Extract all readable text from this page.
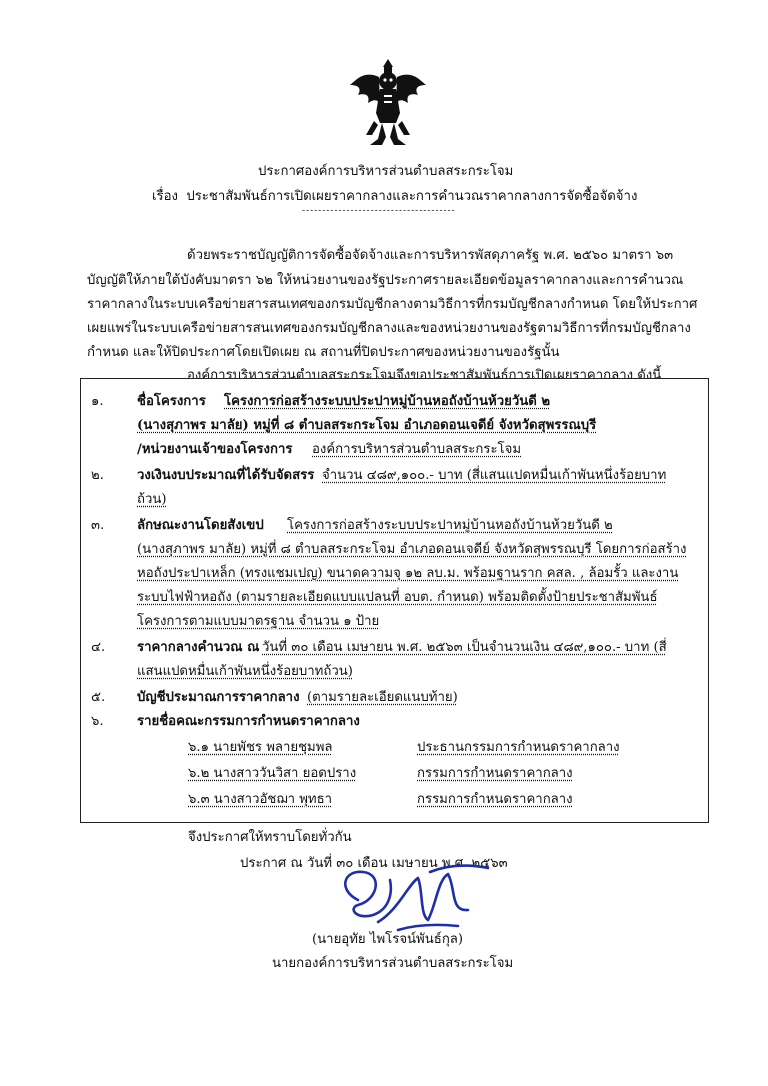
ประกาศองค์การบริหารส่วนตำบลสระกระโจม
เรื่อง ประชาสัมพันธ์การเปิดเผยราคากลางและการคำนวณราคากลางการจัดซื้อจัดจ้าง
--------------------------------------
ด้วยพระราชบัญญัติการจัดซื้อจัดจ้างและการบริหารพัสดุภาครัฐ พ.ศ. ๒๕๖๐ มาตรา ๖๓
บัญญัติให้ภายใต้บังคับมาตรา ๖๒ ให้หน่วยงานของรัฐประกาศรายละเอียดข้อมูลราคากลางและการคำนวณ
ราคากลางในระบบเครือข่ายสารสนเทศของกรมบัญชีกลางตามวิธีการที่กรมบัญชีกลางกำหนด โดยให้ประกาศ
เผยแพร่ในระบบเครือข่ายสารสนเทศของกรมบัญชีกลางและของหน่วยงานของรัฐตามวิธีการที่กรมบัญชีกลาง
กำหนด และให้ปิดประกาศโดยเปิดเผย ณ สถานที่ปิดประกาศของหน่วยงานของรัฐนั้น
องค์การบริหารส่วนตำบลสระกระโจมจึงขอประชาสัมพันธ์การเปิดเผยราคากลาง ดังนี้
๑.	ชื่อโครงการ โครงการก่อสร้างระบบประปาหมู่บ้านหอถังบ้านห้วยวันดี ๒
(นางสุภาพร มาลัย) หมู่ที่ ๘ ตำบลสระกระโจม อำเภอดอนเจดีย์ จังหวัดสุพรรณบุรี
/หน่วยงานเจ้าของโครงการ องค์การบริหารส่วนตำบลสระกระโจม
๒.	วงเงินงบประมาณที่ได้รับจัดสรร จำนวน ๔๘๙,๑๐๐.- บาท (สี่แสนแปดหมื่นเก้าพันหนึ่งร้อยบาท
ถ้วน)
๓. ลักษณะงานโดยสังเขป โครงการก่อสร้างระบบประปาหมู่บ้านหอถังบ้านห้วยวันดี ๒
(นางสุภาพร มาลัย) หมู่ที่ ๘ ตำบลสระกระโจม อำเภอดอนเจดีย์ จังหวัดสุพรรณบุรี โดยการก่อสร้าง
หอถังประปาเหล็ก (ทรงแชมเปญ) ขนาดความจุ ๑๒ ลบ.ม. พร้อมฐานราก คสล. , ล้อมรั้ว และงาน
ระบบไฟฟ้าหอถัง (ตามรายละเอียดแบบแปลนที่ อบต. กำหนด) พร้อมติดตั้งป้ายประชาสัมพันธ์
โครงการตามแบบมาตรฐาน จำนวน ๑ ป้าย
๔. ราคากลางคำนวณ ณ วันที่ ๓๐ เดือน เมษายน พ.ศ. ๒๕๖๓ เป็นจำนวนเงิน ๔๘๙,๑๐๐.- บาท (สี่
แสนแปดหมื่นเก้าพันหนึ่งร้อยบาทถ้วน)
๕. บัญชีประมาณการราคากลาง (ตามรายละเอียดแนบท้าย)
๖.	รายชื่อคณะกรรมการกำหนดราคากลาง
๖.๑ นายพัชร พลายชุมพล	ประธานกรรมการกำหนดราคากลาง
๖.๒ นางสาววันวิสา ยอดปราง	กรรมการกำหนดราคากลาง
๖.๓ นางสาวอัชฌา พุทธา	กรรมการกำหนดราคากลาง
จึงประกาศให้ทราบโดยทั่วกัน
ประกาศ ณ วันที่ ๓๐ เดือน เมษายน พ.ศ. ๒๕๖๓
(นายอุทัย ไพโรจน์พันธ์กุล)
นายกองค์การบริหารส่วนตำบลสระกระโจม
